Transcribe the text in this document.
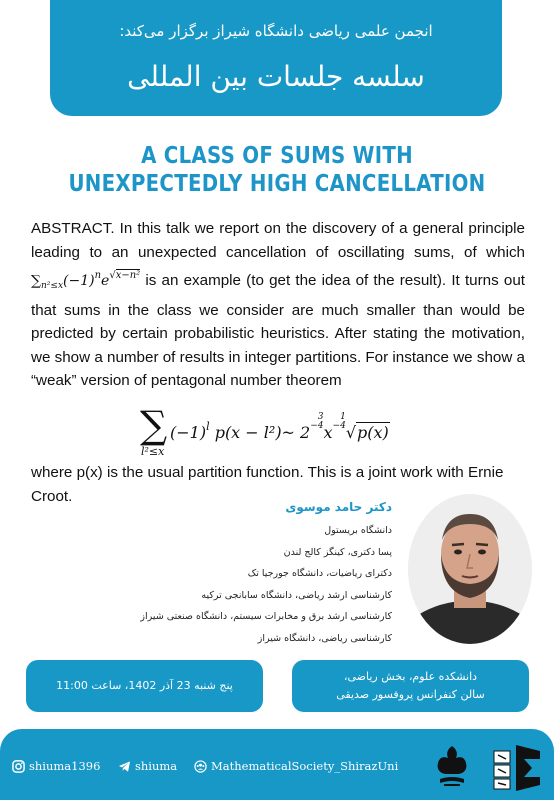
انجمن علمی ریاضی دانشگاه شیراز برگزار می‌کند:
سلسه جلسات بین المللی
A CLASS OF SUMS WITH
UNEXPECTEDLY HIGH CANCELLATION
ABSTRACT. In this talk we report on the discovery of a general principle leading to an unexpected cancellation of oscillating sums, of which $\sum_{n^2\le x}(-1)^ne^{√x-n^2}$ is an example (to get the idea of the result). It turns out that sums in the class we consider are much smaller than would be predicted by certain probabilistic heuristics. After stating the motivation, we show a number of results in integer partitions. For instance we show a “weak” version of pentagonal number theorem
∑
l²≤x
$(-1)^l$ p(x − l²)~ 2−3
4x−1
4√p(x)
where p(x) is the usual partition function. This is a joint work with Ernie Croot.
دکتر حامد موسوی
دانشگاه بریستول
پسا دکتری، کینگز کالج لندن
دکترای ریاضیات، دانشگاه جورجیا تک
کارشناسی ارشد ریاضی، دانشگاه سابانجی ترکیه
کارشناسی ارشد برق و مخابرات سیستم، دانشگاه صنعتی شیراز
کارشناسی ریاضی، دانشگاه شیراز
پنج شنبه 23 آذر 1402، ساعت 11:00
دانشکده علوم، بخش ریاضی،
سالن کنفرانس پروفسور صدیقی
shiuma1396	shiuma	MathematicalSociety_ShirazUni
